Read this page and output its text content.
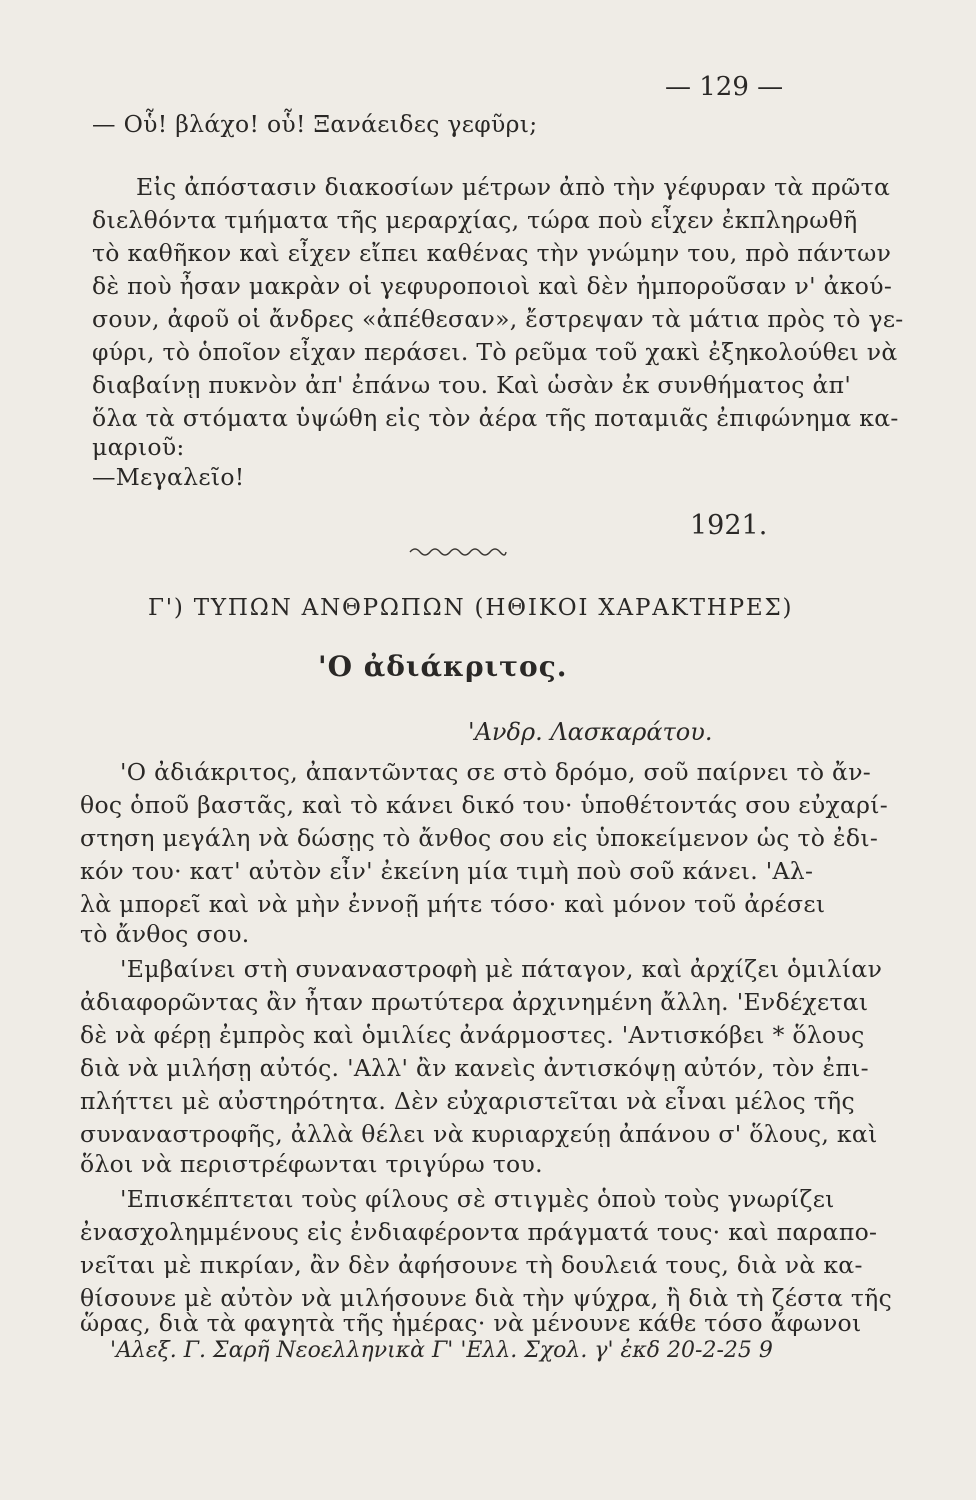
— 129 —
— Οὗ! βλάχο! οὗ! Ξανάειδες γεφῦρι;
Εἰς ἀπόστασιν διακοσίων μέτρων ἀπὸ τὴν γέφυραν τὰ πρῶτα
διελθόντα τμήματα τῆς μεραρχίας, τώρα ποὺ εἶχεν ἐκπληρωθῆ
τὸ καθῆκον καὶ εἶχεν εἴπει καθένας τὴν γνώμην του, πρὸ πάντων
δὲ ποὺ ἦσαν μακρὰν οἱ γεφυροποιοὶ καὶ δὲν ἠμποροῦσαν ν' ἀκού-
σουν, ἀφοῦ οἱ ἄνδρες «ἀπέθεσαν», ἔστρεψαν τὰ μάτια πρὸς τὸ γε-
φύρι, τὸ ὁποῖον εἶχαν περάσει. Τὸ ρεῦμα τοῦ χακὶ ἐξηκολούθει νὰ
διαβαίνῃ πυκνὸν ἀπ' ἐπάνω του. Καὶ ὡσὰν ἐκ συνθήματος ἀπ'
ὅλα τὰ στόματα ὑψώθη εἰς τὸν ἀέρα τῆς ποταμιᾶς ἐπιφώνημα κα-
μαριοῦ:
—Μεγαλεῖο!
1921.
Γ') ΤΥΠΩΝ ΑΝΘΡΩΠΩΝ (ΗΘΙΚΟΙ ΧΑΡΑΚΤΗΡΕΣ)
'Ο ἀδιάκριτος.
'Ανδρ. Λασκαράτου.
'Ο ἀδιάκριτος, ἀπαντῶντας σε στὸ δρόμο, σοῦ παίρνει τὸ ἄν-
θος ὁποῦ βαστᾶς, καὶ τὸ κάνει δικό του· ὑποθέτοντάς σου εὐχαρί-
στηση μεγάλη νὰ δώσῃς τὸ ἄνθος σου εἰς ὑποκείμενον ὡς τὸ ἐδι-
κόν του· κατ' αὐτὸν εἶν' ἐκείνη μία τιμὴ ποὺ σοῦ κάνει. 'Αλ-
λὰ μπορεῖ καὶ νὰ μὴν ἐννοῇ μήτε τόσο· καὶ μόνον τοῦ ἀρέσει
τὸ ἄνθος σου.
'Εμβαίνει στὴ συναναστροφὴ μὲ πάταγον, καὶ ἀρχίζει ὁμιλίαν
ἀδιαφορῶντας ἂν ἦταν πρωτύτερα ἀρχινημένη ἄλλη. 'Ενδέχεται
δὲ νὰ φέρῃ ἐμπρὸς καὶ ὁμιλίες ἀνάρμοστες. 'Αντισκόβει * ὅλους
διὰ νὰ μιλήσῃ αὐτός. 'Αλλ' ἂν κανεὶς ἀντισκόψῃ αὐτόν, τὸν ἐπι-
πλήττει μὲ αὐστηρότητα. Δὲν εὐχαριστεῖται νὰ εἶναι μέλος τῆς
συναναστροφῆς, ἀλλὰ θέλει νὰ κυριαρχεύῃ ἀπάνου σ' ὅλους, καὶ
ὅλοι νὰ περιστρέφωνται τριγύρω του.
'Επισκέπτεται τοὺς φίλους σὲ στιγμὲς ὁποὺ τοὺς γνωρίζει
ἐνασχολημμένους εἰς ἐνδιαφέροντα πράγματά τους· καὶ παραπο-
νεῖται μὲ πικρίαν, ἂν δὲν ἀφήσουνε τὴ δουλειά τους, διὰ νὰ κα-
θίσουνε μὲ αὐτὸν νὰ μιλήσουνε διὰ τὴν ψύχρα, ἢ διὰ τὴ ζέστα τῆς
ὥρας, διὰ τὰ φαγητὰ τῆς ἡμέρας· νὰ μένουνε κάθε τόσο ἄφωνοι
'Αλεξ. Γ. Σαρῆ Νεοελληνικὰ Γ' 'Ελλ. Σχολ. γ' ἐκδ 20-2-25 9
